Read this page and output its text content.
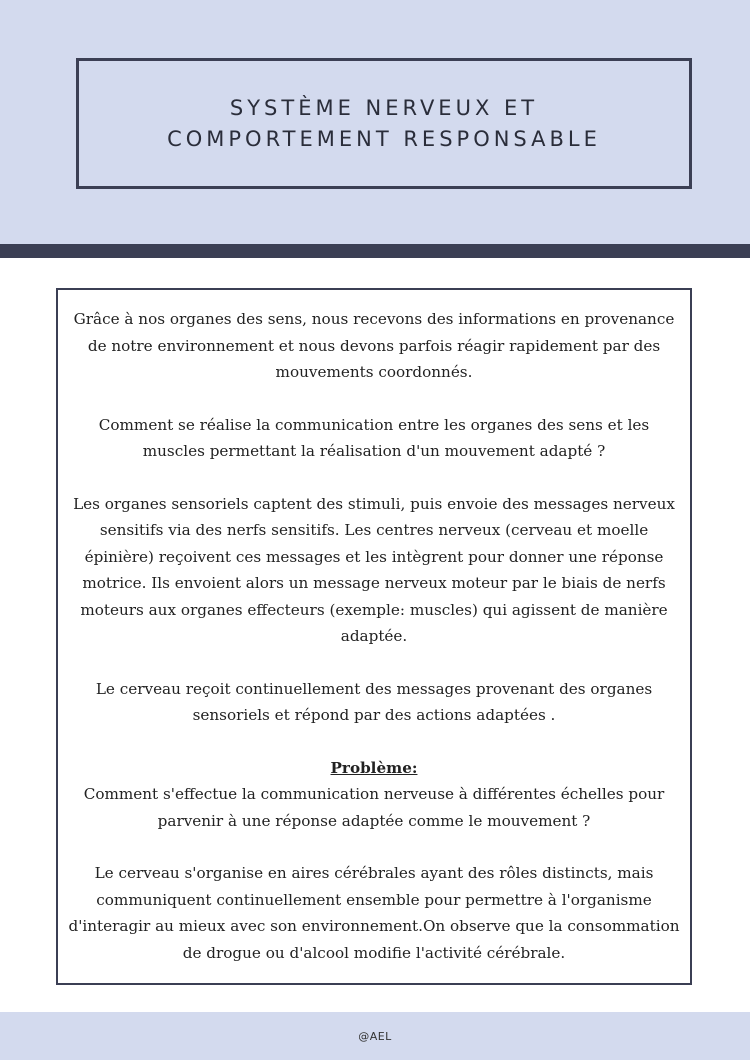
SYSTÈME NERVEUX ET
COMPORTEMENT RESPONSABLE

Grâce à nos organes des sens, nous recevons des informations en provenance de notre environnement et nous devons parfois réagir rapidement par des mouvements coordonnés.

Comment se réalise la communication entre les organes des sens et les muscles permettant la réalisation d'un mouvement adapté ?

Les organes sensoriels captent des stimuli, puis envoie des messages nerveux sensitifs via des nerfs sensitifs. Les centres nerveux (cerveau et moelle épinière) reçoivent ces messages et les intègrent pour donner une réponse motrice. Ils envoient alors un message nerveux moteur par le biais de nerfs moteurs aux organes effecteurs (exemple: muscles) qui agissent de manière adaptée.

Le cerveau reçoit continuellement des messages provenant des organes sensoriels et répond par des actions adaptées .

Problème:
Comment s'effectue la communication nerveuse à différentes échelles pour parvenir à une réponse adaptée comme le mouvement ?

Le cerveau s'organise en aires cérébrales ayant des rôles distincts, mais communiquent continuellement ensemble pour permettre à l'organisme d'interagir au mieux avec son environnement.On observe que la consommation de drogue ou d'alcool modifie l'activité cérébrale.

@AEL
